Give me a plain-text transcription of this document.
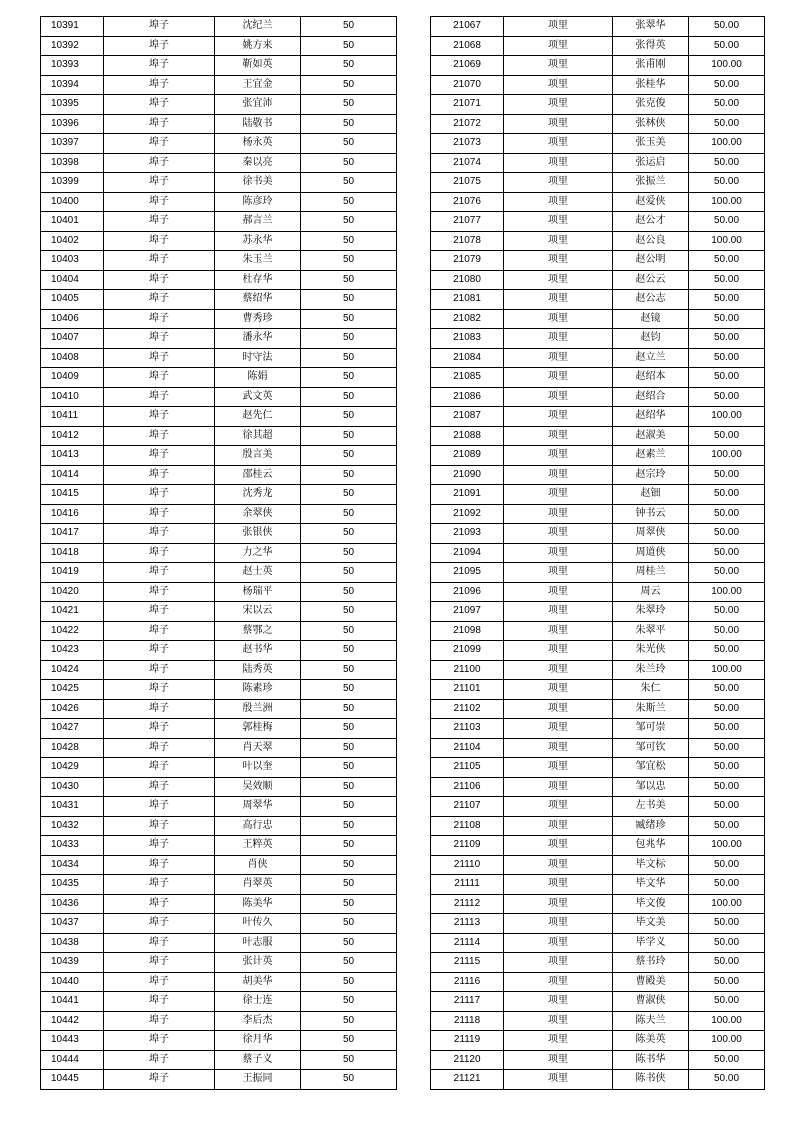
10391	埠子	沈纪兰	50
10392	埠子	姚方来	50
10393	埠子	靳如英	50
10394	埠子	王宜金	50
10395	埠子	张宜沛	50
10396	埠子	陆敬书	50
10397	埠子	杨永英	50
10398	埠子	秦以亮	50
10399	埠子	徐书美	50
10400	埠子	陈彦玲	50
10401	埠子	郝言兰	50
10402	埠子	苏永华	50
10403	埠子	朱玉兰	50
10404	埠子	杜存华	50
10405	埠子	蔡绍华	50
10406	埠子	曹秀珍	50
10407	埠子	潘永华	50
10408	埠子	时守法	50
10409	埠子	陈娟	50
10410	埠子	武文英	50
10411	埠子	赵先仁	50
10412	埠子	徐其超	50
10413	埠子	殷言美	50
10414	埠子	邵桂云	50
10415	埠子	沈秀龙	50
10416	埠子	余翠侠	50
10417	埠子	张银侠	50
10418	埠子	力之华	50
10419	埠子	赵士英	50
10420	埠子	杨瑞平	50
10421	埠子	宋以云	50
10422	埠子	蔡鄂之	50
10423	埠子	赵书华	50
10424	埠子	陆秀英	50
10425	埠子	陈素珍	50
10426	埠子	殷兰洲	50
10427	埠子	郭桂梅	50
10428	埠子	肖天翠	50
10429	埠子	叶以奎	50
10430	埠子	吴效顺	50
10431	埠子	周翠华	50
10432	埠子	高行忠	50
10433	埠子	王粹英	50
10434	埠子	肖侠	50
10435	埠子	肖翠英	50
10436	埠子	陈美华	50
10437	埠子	叶传久	50
10438	埠子	叶志服	50
10439	埠子	张计英	50
10440	埠子	胡美华	50
10441	埠子	徐士连	50
10442	埠子	李后杰	50
10443	埠子	徐月华	50
10444	埠子	蔡子义	50
10445	埠子	王振同	50
21067	项里	张翠华	50.00
21068	项里	张得英	50.00
21069	项里	张甫刚	100.00
21070	项里	张桂华	50.00
21071	项里	张克俊	50.00
21072	项里	张林侠	50.00
21073	项里	张玉美	100.00
21074	项里	张运启	50.00
21075	项里	张振兰	50.00
21076	项里	赵爱侠	100.00
21077	项里	赵公才	50.00
21078	项里	赵公良	100.00
21079	项里	赵公明	50.00
21080	项里	赵公云	50.00
21081	项里	赵公志	50.00
21082	项里	赵镜	50.00
21083	项里	赵钧	50.00
21084	项里	赵立兰	50.00
21085	项里	赵绍本	50.00
21086	项里	赵绍合	50.00
21087	项里	赵绍华	100.00
21088	项里	赵淑美	50.00
21089	项里	赵素兰	100.00
21090	项里	赵宗玲	50.00
21091	项里	赵钿	50.00
21092	项里	钟书云	50.00
21093	项里	周翠侠	50.00
21094	项里	周道侠	50.00
21095	项里	周桂兰	50.00
21096	项里	周云	100.00
21097	项里	朱翠玲	50.00
21098	项里	朱翠平	50.00
21099	项里	朱光侠	50.00
21100	项里	朱兰玲	100.00
21101	项里	朱仁	50.00
21102	项里	朱斯兰	50.00
21103	项里	邹可崇	50.00
21104	项里	邹可钦	50.00
21105	项里	邹宜松	50.00
21106	项里	邹以忠	50.00
21107	项里	左书美	50.00
21108	项里	臧绪珍	50.00
21109	项里	包兆华	100.00
21110	项里	毕文标	50.00
21111	项里	毕文华	50.00
21112	项里	毕文俊	100.00
21113	项里	毕文美	50.00
21114	项里	毕学义	50.00
21115	项里	蔡书玲	50.00
21116	项里	曹殿美	50.00
21117	项里	曹淑侠	50.00
21118	项里	陈夫兰	100.00
21119	项里	陈美英	100.00
21120	项里	陈书华	50.00
21121	项里	陈书侠	50.00
